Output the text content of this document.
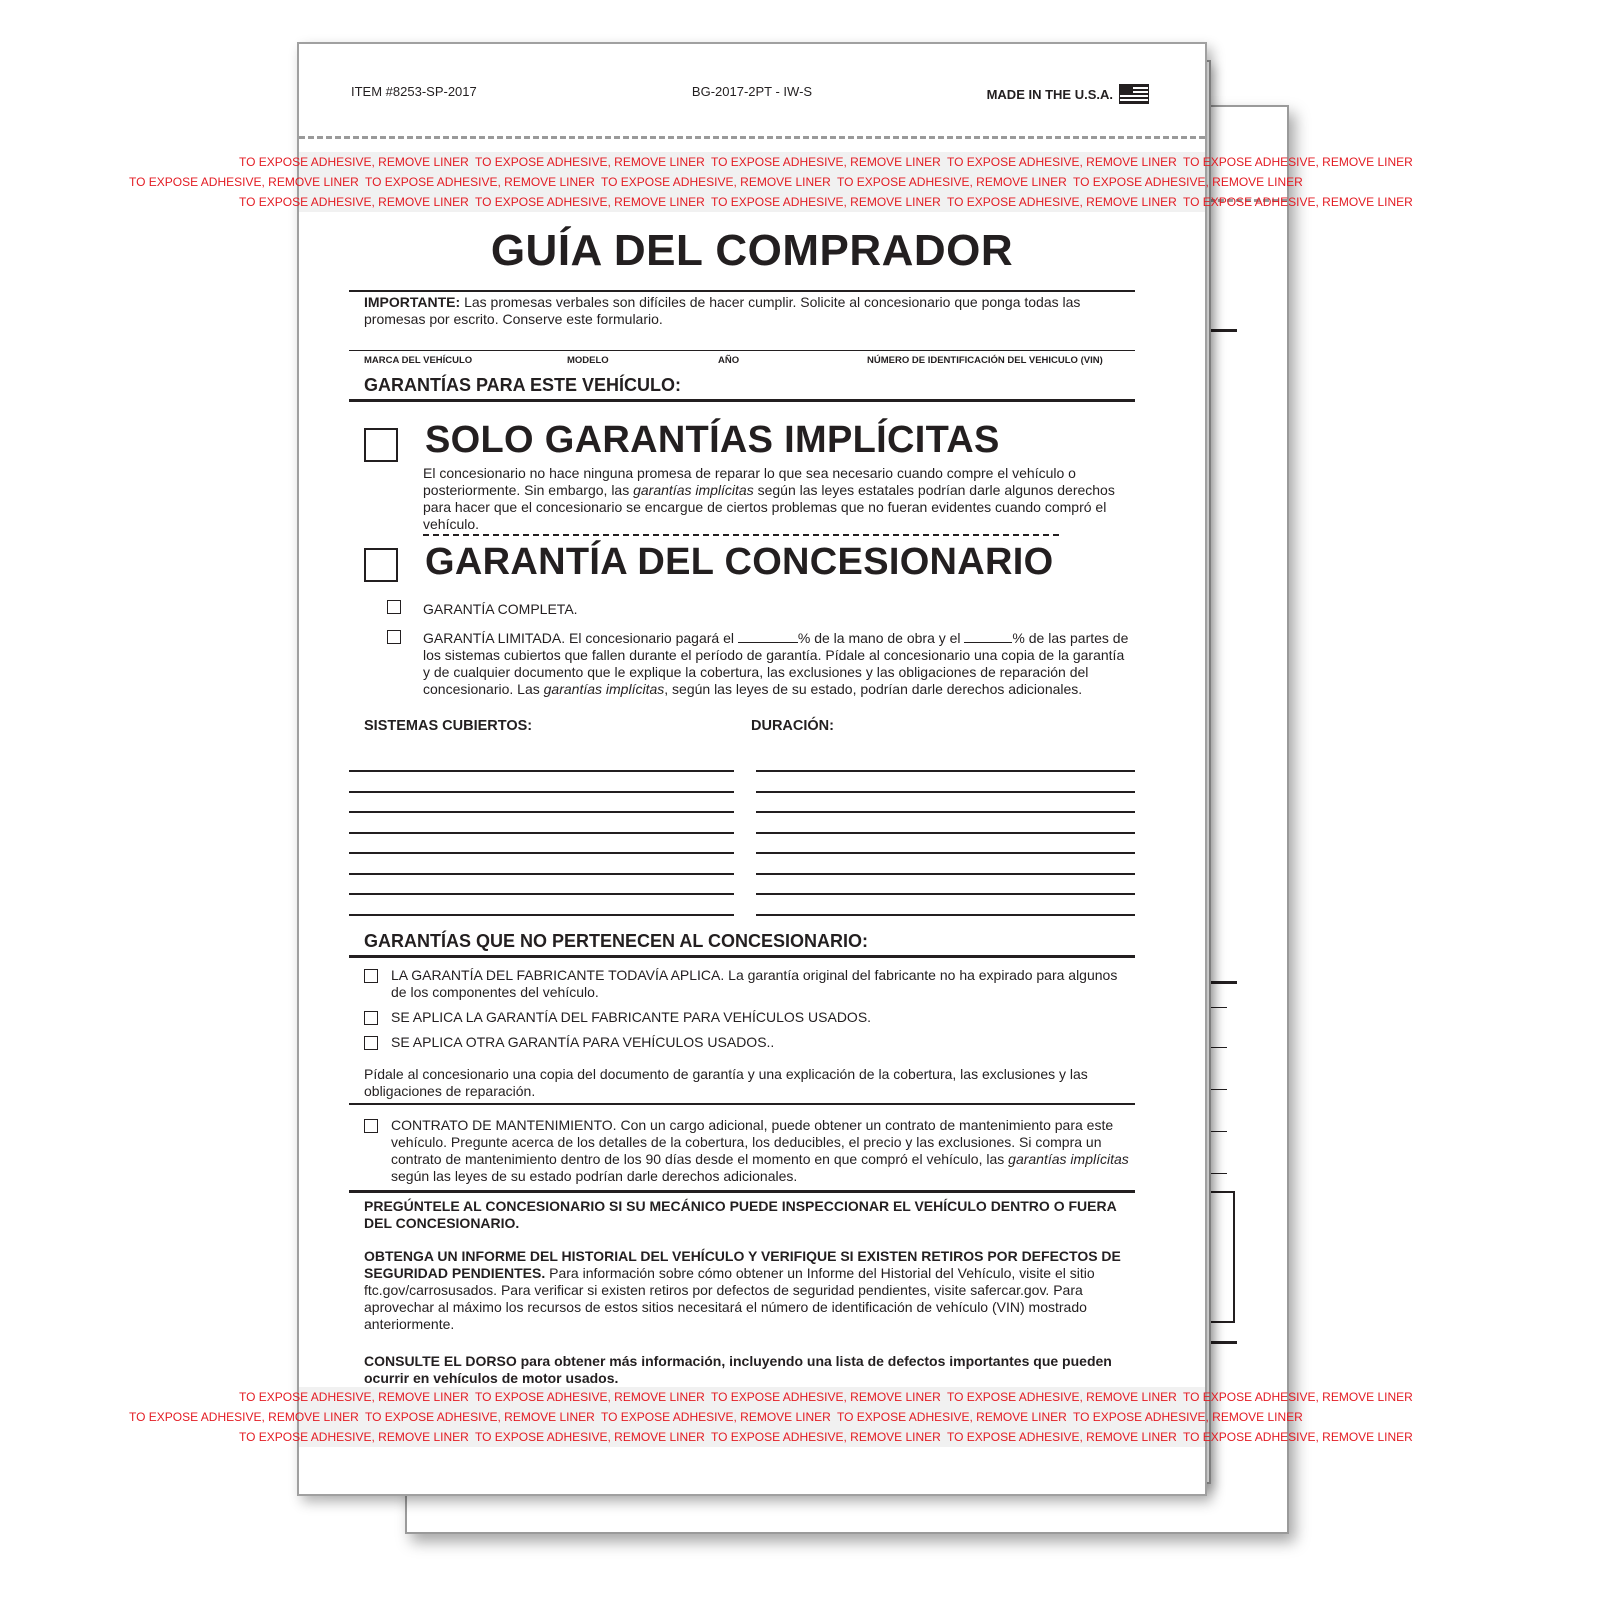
ITEM #8253-SP-2017	BG-2017-2PT - IW-S	MADE IN THE U.S.A.
TO EXPOSE ADHESIVE, REMOVE LINER TO EXPOSE ADHESIVE, REMOVE LINER TO EXPOSE ADHESIVE, REMOVE LINER TO EXPOSE ADHESIVE, REMOVE LINER TO EXPOSE ADHESIVE, REMOVE LINER
TO EXPOSE ADHESIVE, REMOVE LINER TO EXPOSE ADHESIVE, REMOVE LINER TO EXPOSE ADHESIVE, REMOVE LINER TO EXPOSE ADHESIVE, REMOVE LINER TO EXPOSE ADHESIVE, REMOVE LINER
TO EXPOSE ADHESIVE, REMOVE LINER TO EXPOSE ADHESIVE, REMOVE LINER TO EXPOSE ADHESIVE, REMOVE LINER TO EXPOSE ADHESIVE, REMOVE LINER TO EXPOSE ADHESIVE, REMOVE LINER
GUÍA DEL COMPRADOR
IMPORTANTE: Las promesas verbales son difíciles de hacer cumplir. Solicite al concesionario que ponga todas las promesas por escrito. Conserve este formulario.
MARCA DEL VEHÍCULO	MODELO	AÑO	NÚMERO DE IDENTIFICACIÓN DEL VEHICULO (VIN)
GARANTÍAS PARA ESTE VEHÍCULO:
SOLO GARANTÍAS IMPLÍCITAS
El concesionario no hace ninguna promesa de reparar lo que sea necesario cuando compre el vehículo o posteriormente. Sin embargo, las garantías implícitas según las leyes estatales podrían darle algunos derechos para hacer que el concesionario se encargue de ciertos problemas que no fueran evidentes cuando compró el vehículo.
GARANTÍA DEL CONCESIONARIO
GARANTÍA COMPLETA.
GARANTÍA LIMITADA. El concesionario pagará el	% de la mano de obra y el	% de las partes de los sistemas cubiertos que fallen durante el período de garantía. Pídale al concesionario una copia de la garantía y de cualquier documento que le explique la cobertura, las exclusiones y las obligaciones de reparación del concesionario. Las garantías implícitas, según las leyes de su estado, podrían darle derechos adicionales.
SISTEMAS CUBIERTOS:	DURACIÓN:
GARANTÍAS QUE NO PERTENECEN AL CONCESIONARIO:
LA GARANTÍA DEL FABRICANTE TODAVÍA APLICA. La garantía original del fabricante no ha expirado para algunos de los componentes del vehículo.
SE APLICA LA GARANTÍA DEL FABRICANTE PARA VEHÍCULOS USADOS.
SE APLICA OTRA GARANTÍA PARA VEHÍCULOS USADOS..
Pídale al concesionario una copia del documento de garantía y una explicación de la cobertura, las exclusiones y las obligaciones de reparación.
CONTRATO DE MANTENIMIENTO. Con un cargo adicional, puede obtener un contrato de mantenimiento para este vehículo. Pregunte acerca de los detalles de la cobertura, los deducibles, el precio y las exclusiones. Si compra un contrato de mantenimiento dentro de los 90 días desde el momento en que compró el vehículo, las garantías implícitas según las leyes de su estado podrían darle derechos adicionales.
PREGÚNTELE AL CONCESIONARIO SI SU MECÁNICO PUEDE INSPECCIONAR EL VEHÍCULO DENTRO O FUERA DEL CONCESIONARIO.
OBTENGA UN INFORME DEL HISTORIAL DEL VEHÍCULO Y VERIFIQUE SI EXISTEN RETIROS POR DEFECTOS DE SEGURIDAD PENDIENTES. Para información sobre cómo obtener un Informe del Historial del Vehículo, visite el sitio ftc.gov/carrosusados. Para verificar si existen retiros por defectos de seguridad pendientes, visite safercar.gov. Para aprovechar al máximo los recursos de estos sitios necesitará el número de identificación de vehículo (VIN) mostrado anteriormente.
CONSULTE EL DORSO para obtener más información, incluyendo una lista de defectos importantes que pueden ocurrir en vehículos de motor usados.
TO EXPOSE ADHESIVE, REMOVE LINER TO EXPOSE ADHESIVE, REMOVE LINER TO EXPOSE ADHESIVE, REMOVE LINER TO EXPOSE ADHESIVE, REMOVE LINER TO EXPOSE ADHESIVE, REMOVE LINER
TO EXPOSE ADHESIVE, REMOVE LINER TO EXPOSE ADHESIVE, REMOVE LINER TO EXPOSE ADHESIVE, REMOVE LINER TO EXPOSE ADHESIVE, REMOVE LINER TO EXPOSE ADHESIVE, REMOVE LINER
TO EXPOSE ADHESIVE, REMOVE LINER TO EXPOSE ADHESIVE, REMOVE LINER TO EXPOSE ADHESIVE, REMOVE LINER TO EXPOSE ADHESIVE, REMOVE LINER TO EXPOSE ADHESIVE, REMOVE LINER
